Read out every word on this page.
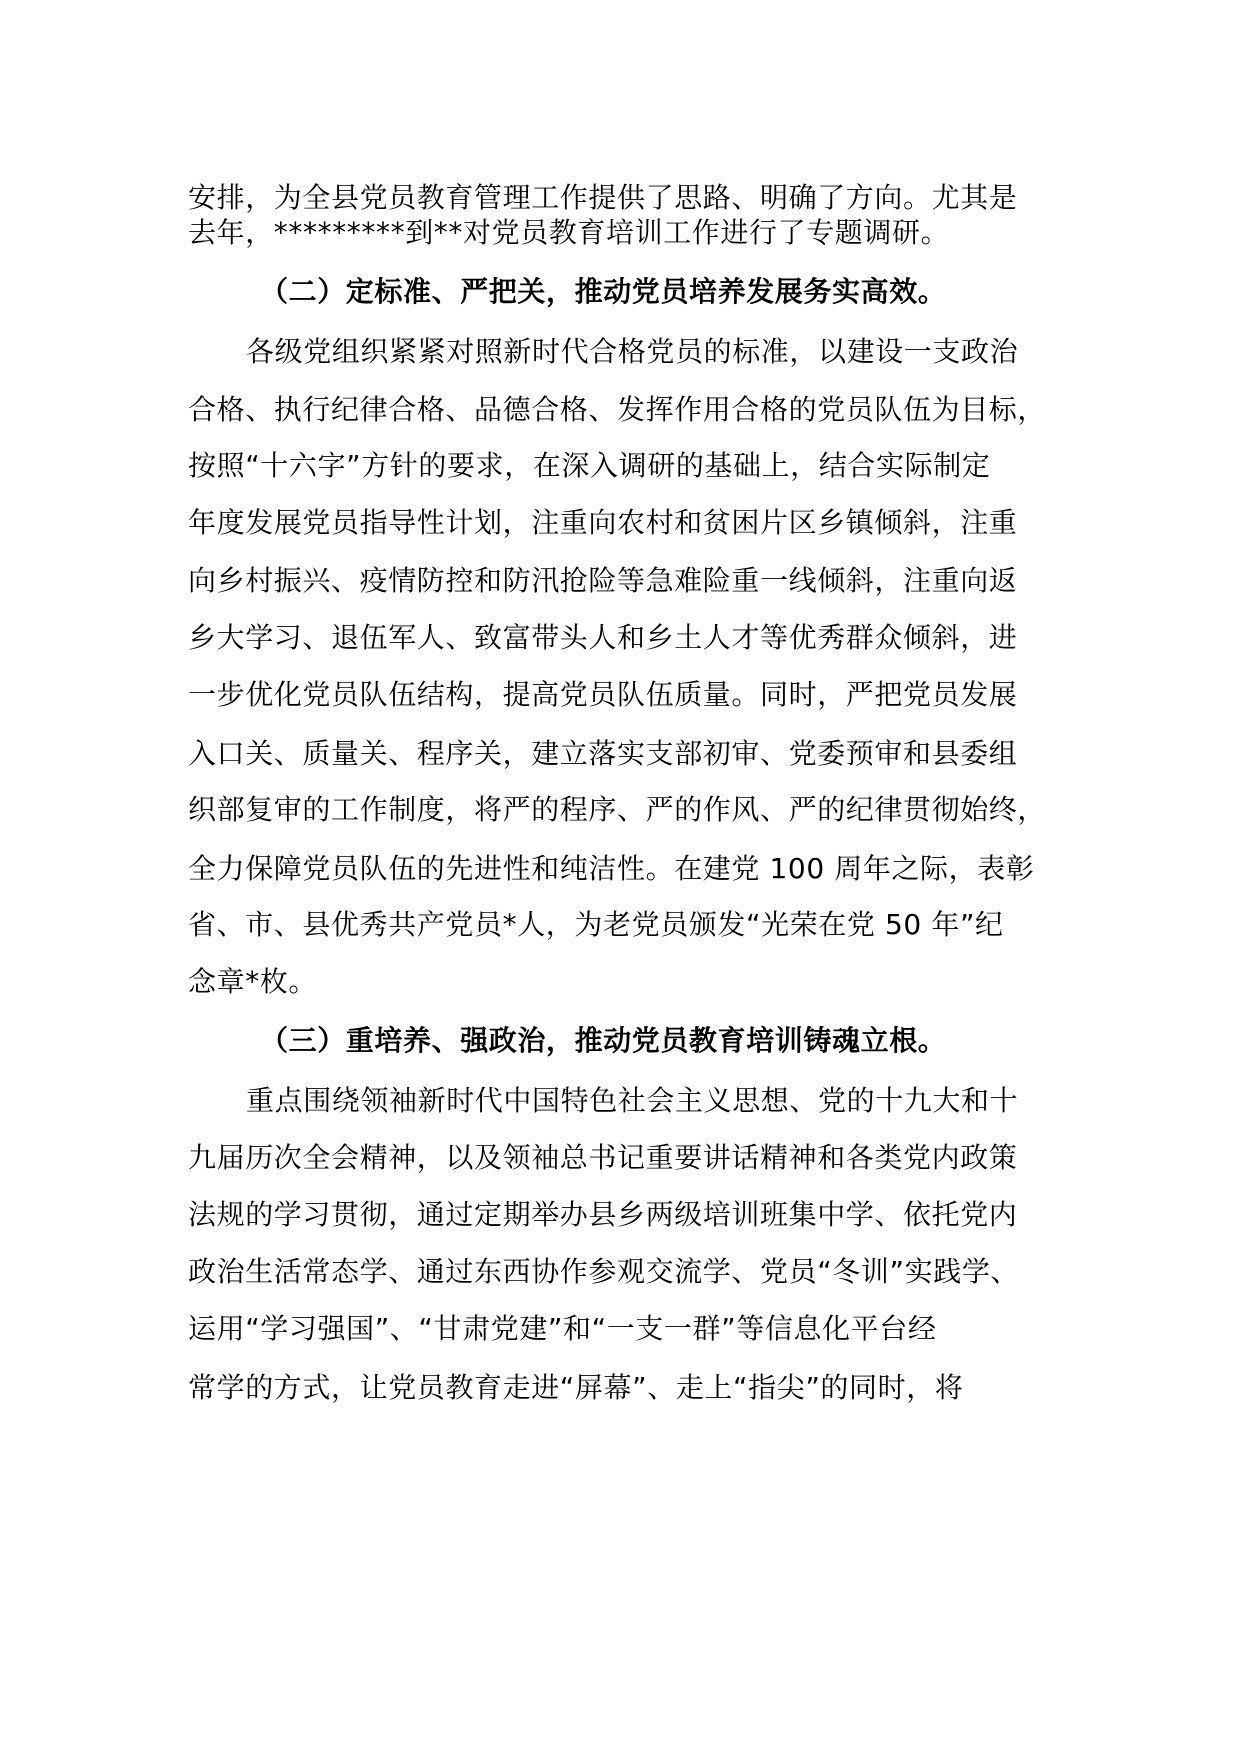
安排，为全县党员教育管理工作提供了思路、明确了方向。尤其是
去年，*********到**对党员教育培训工作进行了专题调研。
（二）定标准、严把关，推动党员培养发展务实高效。
各级党组织紧紧对照新时代合格党员的标准，以建设一支政治
合格、执行纪律合格、品德合格、发挥作用合格的党员队伍为目标，
按照“十六字”方针的要求，在深入调研的基础上，结合实际制定
年度发展党员指导性计划，注重向农村和贫困片区乡镇倾斜，注重
向乡村振兴、疫情防控和防汛抢险等急难险重一线倾斜，注重向返
乡大学习、退伍军人、致富带头人和乡土人才等优秀群众倾斜，进
一步优化党员队伍结构，提高党员队伍质量。同时，严把党员发展
入口关、质量关、程序关，建立落实支部初审、党委预审和县委组
织部复审的工作制度，将严的程序、严的作风、严的纪律贯彻始终，
全力保障党员队伍的先进性和纯洁性。在建党 100 周年之际，表彰
省、市、县优秀共产党员*人，为老党员颁发“光荣在党 50 年”纪
念章*枚。
（三）重培养、强政治，推动党员教育培训铸魂立根。
重点围绕领袖新时代中国特色社会主义思想、党的十九大和十
九届历次全会精神，以及领袖总书记重要讲话精神和各类党内政策
法规的学习贯彻，通过定期举办县乡两级培训班集中学、依托党内
政治生活常态学、通过东西协作参观交流学、党员“冬训”实践学、
运用“学习强国”、“甘肃党建”和“一支一群”等信息化平台经
常学的方式，让党员教育走进“屏幕”、走上“指尖”的同时，将
